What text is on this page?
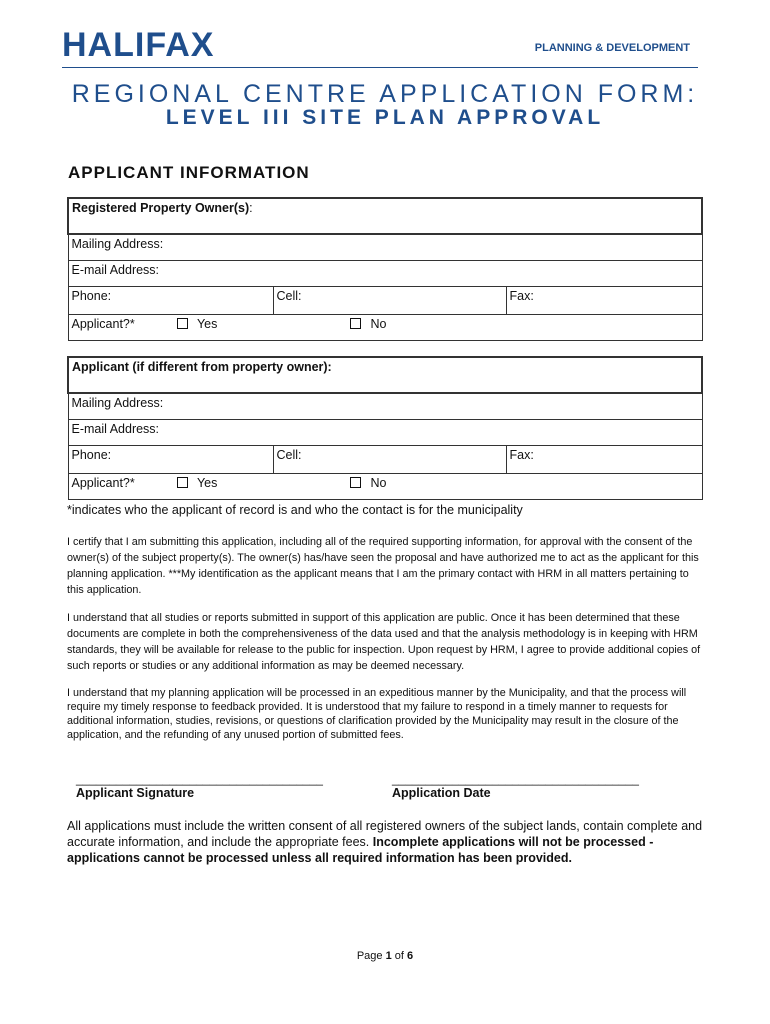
HALIFAX	PLANNING & DEVELOPMENT
REGIONAL CENTRE APPLICATION FORM:
LEVEL III SITE PLAN APPROVAL
APPLICANT INFORMATION
Registered Property Owner(s):
Mailing Address:
E-mail Address:
Phone:	Cell:	Fax:
Applicant?*	Yes	No
Applicant (if different from property owner):
Mailing Address:
E-mail Address:
Phone:	Cell:	Fax:
Applicant?*	Yes	No
*indicates who the applicant of record is and who the contact is for the municipality
I certify that I am submitting this application, including all of the required supporting information, for approval with the consent of the owner(s) of the subject property(s). The owner(s) has/have seen the proposal and have authorized me to act as the applicant for this planning application. ***My identification as the applicant means that I am the primary contact with HRM in all matters pertaining to this application.
I understand that all studies or reports submitted in support of this application are public. Once it has been determined that these documents are complete in both the comprehensiveness of the data used and that the analysis methodology is in keeping with HRM standards, they will be available for release to the public for inspection. Upon request by HRM, I agree to provide additional copies of such reports or studies or any additional information as may be deemed necessary.
I understand that my planning application will be processed in an expeditious manner by the Municipality, and that the process will require my timely response to feedback provided. It is understood that my failure to respond in a timely manner to requests for additional information, studies, revisions, or questions of clarification provided by the Municipality may result in the closure of the application, and the refunding of any unused portion of submitted fees.
_____________________________________	_____________________________________
Applicant Signature	Application Date
All applications must include the written consent of all registered owners of the subject lands, contain complete and accurate information, and include the appropriate fees. Incomplete applications will not be processed - applications cannot be processed unless all required information has been provided.
Page 1 of 6
